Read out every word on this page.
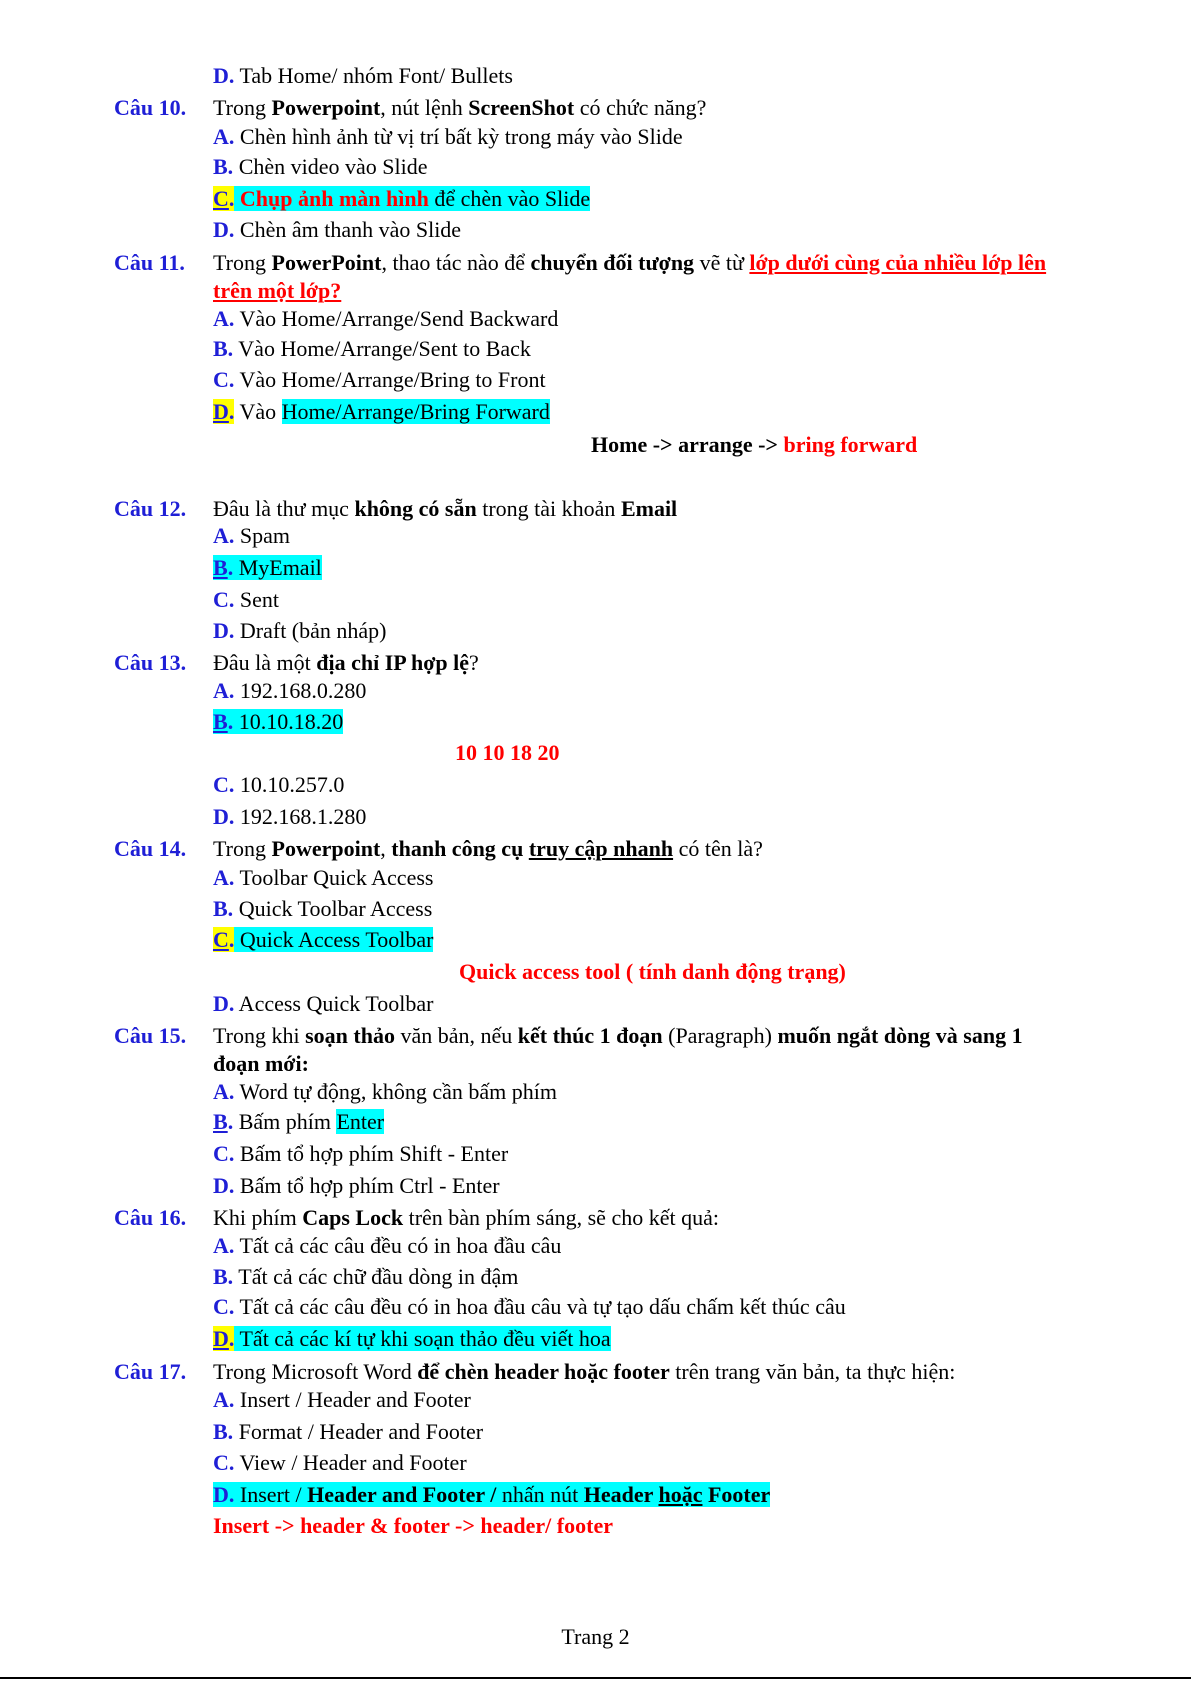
D. Tab Home/ nhóm Font/ Bullets
Câu 10. Trong Powerpoint, nút lệnh ScreenShot có chức năng?
A. Chèn hình ảnh từ vị trí bất kỳ trong máy vào Slide
B. Chèn video vào Slide
C. Chụp ảnh màn hình để chèn vào Slide
D. Chèn âm thanh vào Slide
Câu 11. Trong PowerPoint, thao tác nào để chuyển đối tượng vẽ từ lớp dưới cùng của nhiều lớp lên
trên một lớp?
A. Vào Home/Arrange/Send Backward
B. Vào Home/Arrange/Sent to Back
C. Vào Home/Arrange/Bring to Front
D. Vào Home/Arrange/Bring Forward
Home -> arrange -> bring forward
Câu 12. Đâu là thư mục không có sẵn trong tài khoản Email
A. Spam
B. MyEmail
C. Sent
D. Draft (bản nháp)
Câu 13. Đâu là một địa chỉ IP hợp lệ?
A. 192.168.0.280
B. 10.10.18.20
10 10 18 20
C. 10.10.257.0
D. 192.168.1.280
Câu 14. Trong Powerpoint, thanh công cụ truy cập nhanh có tên là?
A. Toolbar Quick Access
B. Quick Toolbar Access
C. Quick Access Toolbar
Quick access tool ( tính danh động trạng)
D. Access Quick Toolbar
Câu 15. Trong khi soạn thảo văn bản, nếu kết thúc 1 đoạn (Paragraph) muốn ngắt dòng và sang 1
đoạn mới:
A. Word tự động, không cần bấm phím
B. Bấm phím Enter
C. Bấm tổ hợp phím Shift - Enter
D. Bấm tổ hợp phím Ctrl - Enter
Câu 16. Khi phím Caps Lock trên bàn phím sáng, sẽ cho kết quả:
A. Tất cả các câu đều có in hoa đầu câu
B. Tất cả các chữ đầu dòng in đậm
C. Tất cả các câu đều có in hoa đầu câu và tự tạo dấu chấm kết thúc câu
D. Tất cả các kí tự khi soạn thảo đều viết hoa
Câu 17. Trong Microsoft Word để chèn header hoặc footer trên trang văn bản, ta thực hiện:
A. Insert / Header and Footer
B. Format / Header and Footer
C. View / Header and Footer
D. Insert / Header and Footer / nhấn nút Header hoặc Footer
Insert -> header & footer -> header/ footer
Trang 2
